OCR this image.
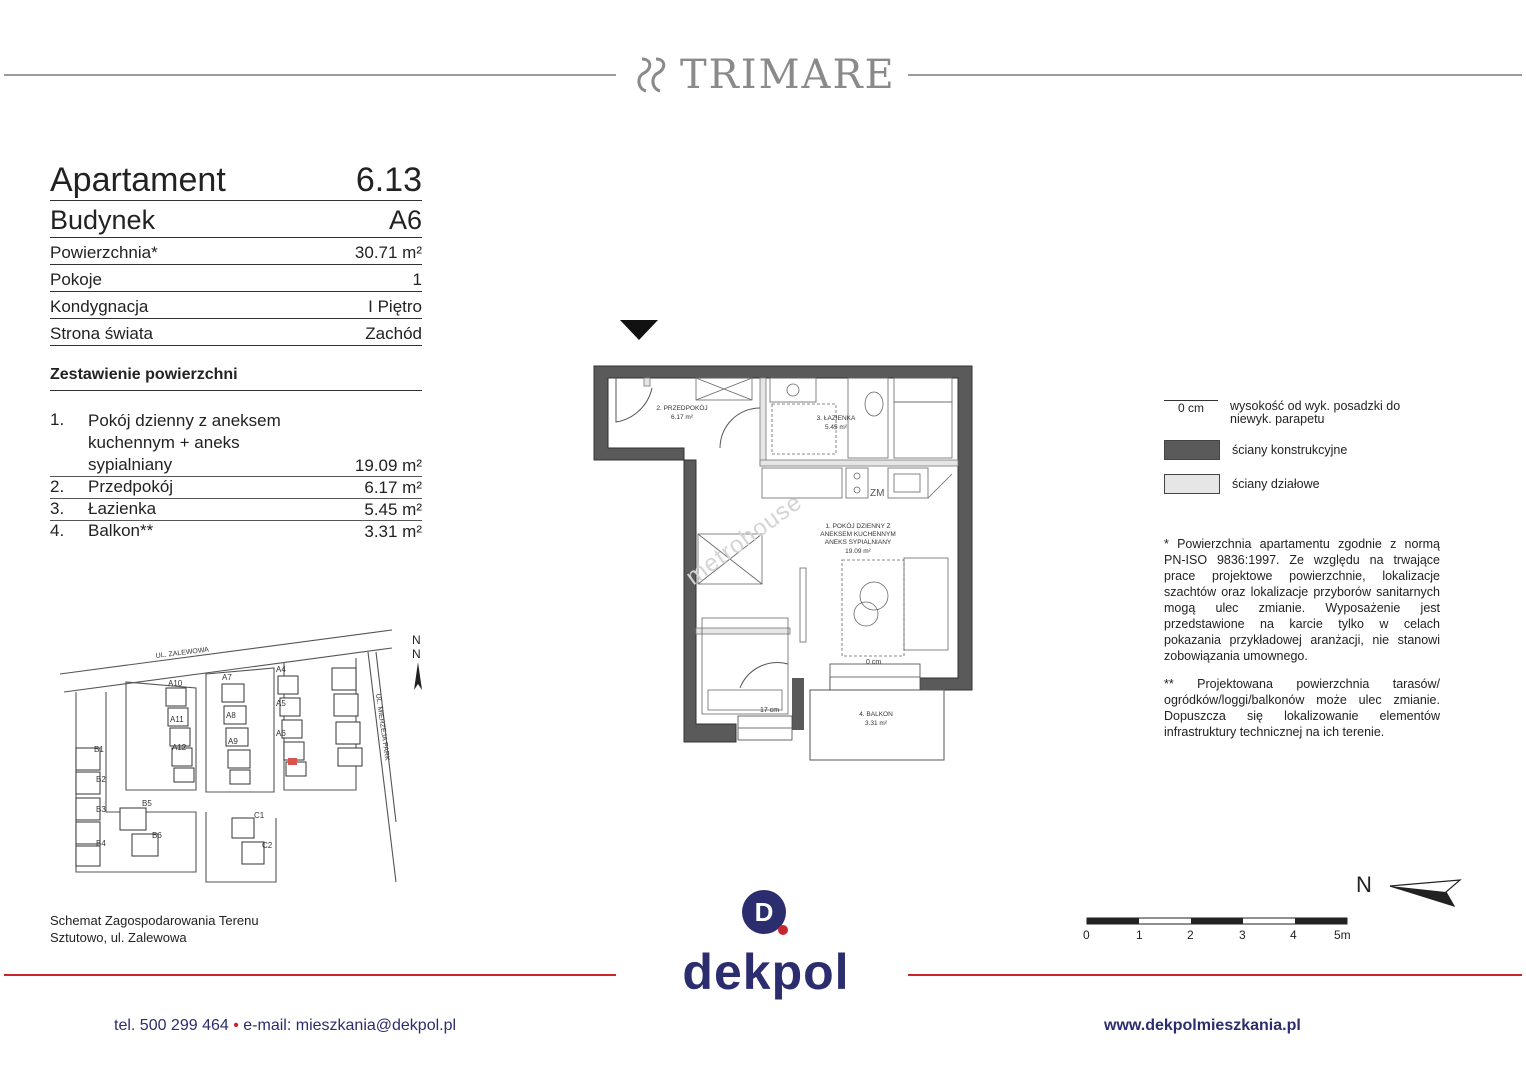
TRIMARE
Apartament	6.13
Budynek	A6
Powierzchnia*	30.71 m²
Pokoje	1
Kondygnacja	I Piętro
Strona świata	Zachód
Zestawienie powierzchni
1.	Pokój dzienny z aneksem kuchennym + aneks sypialniany	19.09 m²
2.	Przedpokój	6.17 m²
3.	Łazienka	5.45 m²
4.	Balkon**	3.31 m²
UL. ZALEWOWA
UL. MIERZEJA PARK
A4
A5
A6
A7
A8
A9
A10
A11
A12
B1
B2
B3
B4
B5
B6
C1
C2
N
N
Schemat Zagospodarowania Terenu
Sztutowo, ul. Zalewowa
2. PRZEDPOKÓJ
6.17 m²	3. ŁAZIENKA
5.45 m²
1. POKÓJ DZIENNY Z
ANEKSEM KUCHENNYM
ANEKS SYPIALNIANY
19.09 m²
4. BALKON
3.31 m²
ZM
0 cm
17 cm
metrohouse
0 cm	wysokość od wyk. posadzki do niewyk. parapetu
ściany konstrukcyjne
ściany działowe

* Powierzchnia apartamentu zgodnie z normą PN-ISO 9836:1997. Ze względu na trwające prace projektowe powierzchnie, lokalizacje szachtów oraz lokalizacje przyborów sanitarnych mogą ulec zmianie. Wyposażenie jest przedstawione na karcie tylko w celach pokazania przykładowej aranżacji, nie stanowi zobowiązania umownego.

** Projektowana powierzchnia tarasów/ ogródków/loggi/balkonów może ulec zmianie. Dopuszcza się lokalizowanie elementów infrastruktury technicznej na ich terenie.

N
0	1	2	3	4	5m
D
dekpol
tel. 500 299 464 • e-mail: mieszkania@dekpol.pl	www.dekpolmieszkania.pl
